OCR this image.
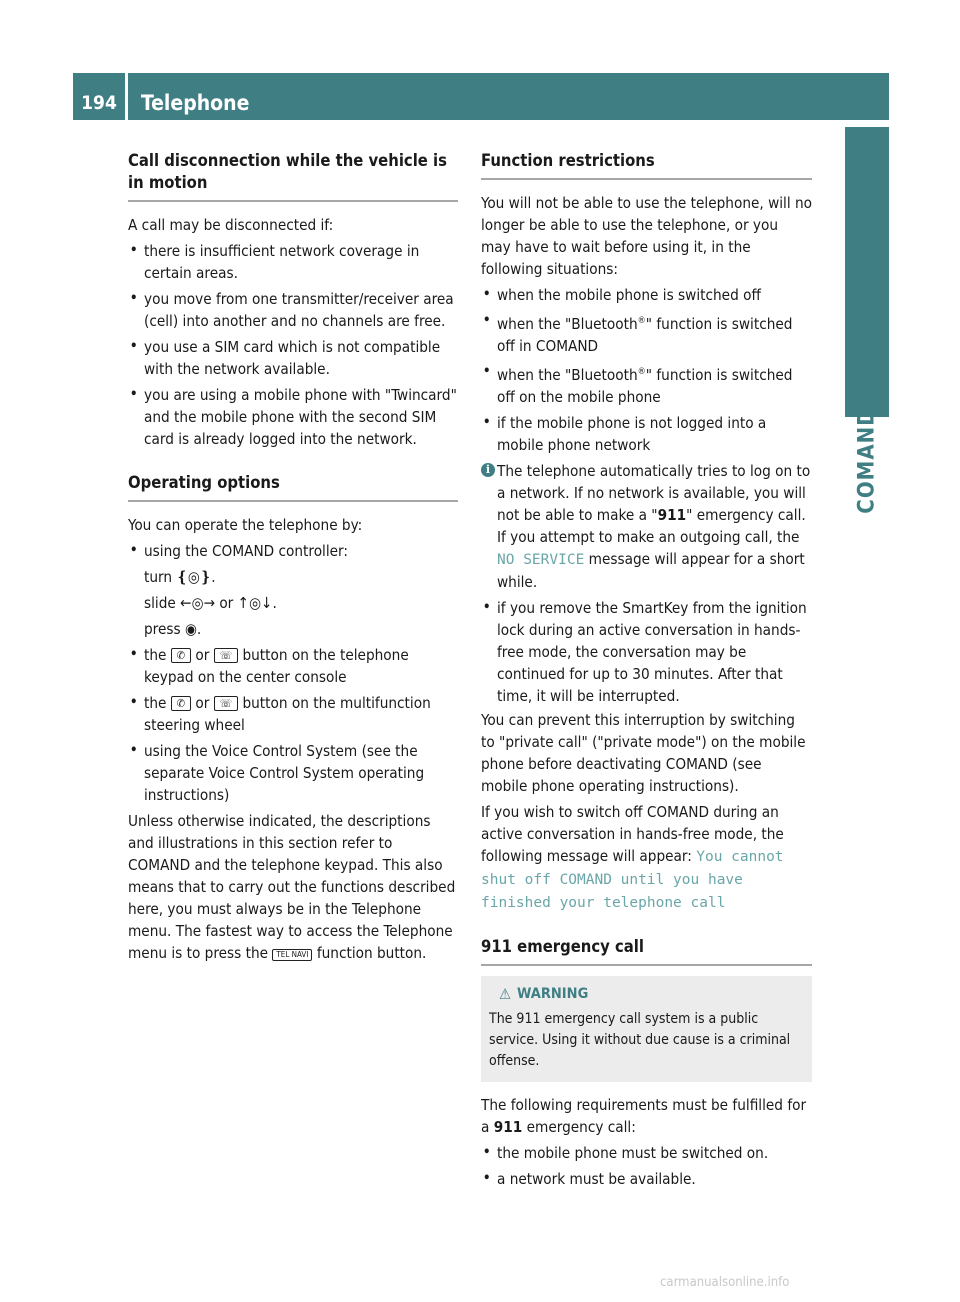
194	Telephone
COMAND
Call disconnection while the vehicle is in motion

A call may be disconnected if:

• there is insufficient network coverage in certain areas.
• you move from one transmitter/receiver area (cell) into another and no channels are free.
• you use a SIM card which is not compatible with the network available.
• you are using a mobile phone with "Twincard" and the mobile phone with the second SIM card is already logged into the network.
Operating options

You can operate the telephone by:

• using the COMAND controller:
turn ❴◎❵.
slide ←◎→ or ↑◎↓.
press ◉.
• the ✆ or ☏ button on the telephone keypad on the center console
• the ✆ or ☏ button on the multifunction steering wheel
• using the Voice Control System (see the separate Voice Control System operating instructions)

Unless otherwise indicated, the descriptions and illustrations in this section refer to COMAND and the telephone keypad. This also means that to carry out the functions described here, you must always be in the Telephone menu. The fastest way to access the Telephone menu is to press the TEL NAVI function button.

Function restrictions

You will not be able to use the telephone, will no longer be able to use the telephone, or you may have to wait before using it, in the following situations:

• when the mobile phone is switched off
• when the "Bluetooth®" function is switched off in COMAND
• when the "Bluetooth®" function is switched off on the mobile phone
• if the mobile phone is not logged into a mobile phone network
i The telephone automatically tries to log on to a network. If no network is available, you will not be able to make a "911" emergency call. If you attempt to make an outgoing call, the NO SERVICE message will appear for a short while.
• if you remove the SmartKey from the ignition lock during an active conversation in hands-free mode, the conversation may be continued for up to 30 minutes. After that time, it will be interrupted.

You can prevent this interruption by switching to "private call" ("private mode") on the mobile phone before deactivating COMAND (see mobile phone operating instructions).

If you wish to switch off COMAND during an active conversation in hands-free mode, the following message will appear: You cannot shut off COMAND until you have finished your telephone call

911 emergency call
⚠ WARNING
The 911 emergency call system is a public service. Using it without due cause is a criminal offense.

The following requirements must be fulfilled for a 911 emergency call:

• the mobile phone must be switched on.
• a network must be available.
carmanualsonline.info
